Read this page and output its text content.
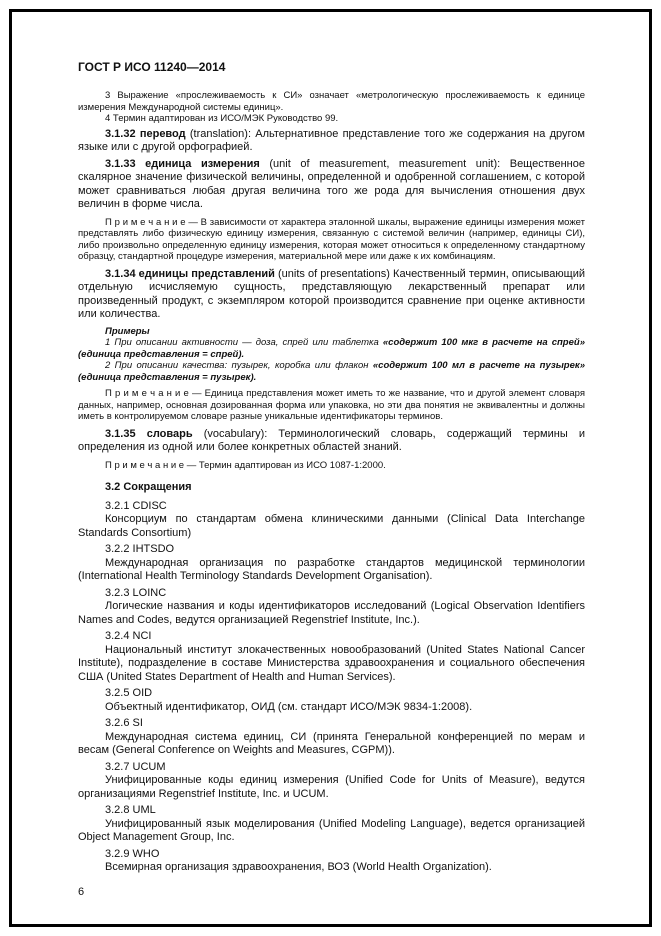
ГОСТ Р ИСО 11240—2014

3 Выражение «прослеживаемость к СИ» означает «метрологическую прослеживаемость к единице измерения Международной системы единиц».

4 Термин адаптирован из ИСО/МЭК Руководство 99.

3.1.32 перевод (translation): Альтернативное представление того же содержания на другом языке или с другой орфографией.

3.1.33 единица измерения (unit of measurement, measurement unit): Вещественное скалярное значение физической величины, определенной и одобренной соглашением, с которой может сравниваться любая другая величина того же рода для вычисления отношения двух величин в форме числа.

П р и м е ч а н и е — В зависимости от характера эталонной шкалы, выражение единицы измерения может представлять либо физическую единицу измерения, связанную с системой величин (например, единицы СИ), либо произвольно определенную единицу измерения, которая может относиться к определенному стандартному образцу, стандартной процедуре измерения, материальной мере или даже к их комбинациям.

3.1.34 единицы представлений (units of presentations) Качественный термин, описывающий отдельную исчисляемую сущность, представляющую лекарственный препарат или произведенный продукт, с экземпляром которой производится сравнение при оценке активности или количества.

Примеры

1 При описании активности — доза, спрей или таблетка «содержит 100 мкг в расчете на спрей» (единица представления = спрей).

2 При описании качества: пузырек, коробка или флакон «содержит 100 мл в расчете на пузырек» (единица представления = пузырек).

П р и м е ч а н и е — Единица представления может иметь то же название, что и другой элемент словаря данных, например, основная дозированная форма или упаковка, но эти два понятия не эквивалентны и должны иметь в контролируемом словаре разные уникальные идентификаторы терминов.

3.1.35 словарь (vocabulary): Терминологический словарь, содержащий термины и определения из одной или более конкретных областей знаний.

П р и м е ч а н и е — Термин адаптирован из ИСО 1087-1:2000.

3.2 Сокращения

3.2.1 CDISC

Консорциум по стандартам обмена клиническими данными (Clinical Data Interchange Standards Consortium)

3.2.2 IHTSDO

Международная организация по разработке стандартов медицинской терминологии (International Health Terminology Standards Development Organisation).

3.2.3 LOINC

Логические названия и коды идентификаторов исследований (Logical Observation Identifiers Names and Codes, ведутся организацией Regenstrief Institute, Inc.).

3.2.4 NCI

Национальный институт злокачественных новообразований (United States National Cancer Institute), подразделение в составе Министерства здравоохранения и социального обеспечения США (United States Department of Health and Human Services).

3.2.5 OID

Объектный идентификатор, ОИД (см. стандарт ИСО/МЭК 9834-1:2008).

3.2.6 SI

Международная система единиц, СИ (принята Генеральной конференцией по мерам и весам (General Conference on Weights and Measures, CGPM)).

3.2.7 UCUM

Унифицированные коды единиц измерения (Unified Code for Units of Measure), ведутся организациями Regenstrief Institute, Inc. и UCUM.

3.2.8 UML

Унифицированный язык моделирования (Unified Modeling Language), ведется организацией Object Management Group, Inc.

3.2.9 WHO

Всемирная организация здравоохранения, ВОЗ (World Health Organization).

6
